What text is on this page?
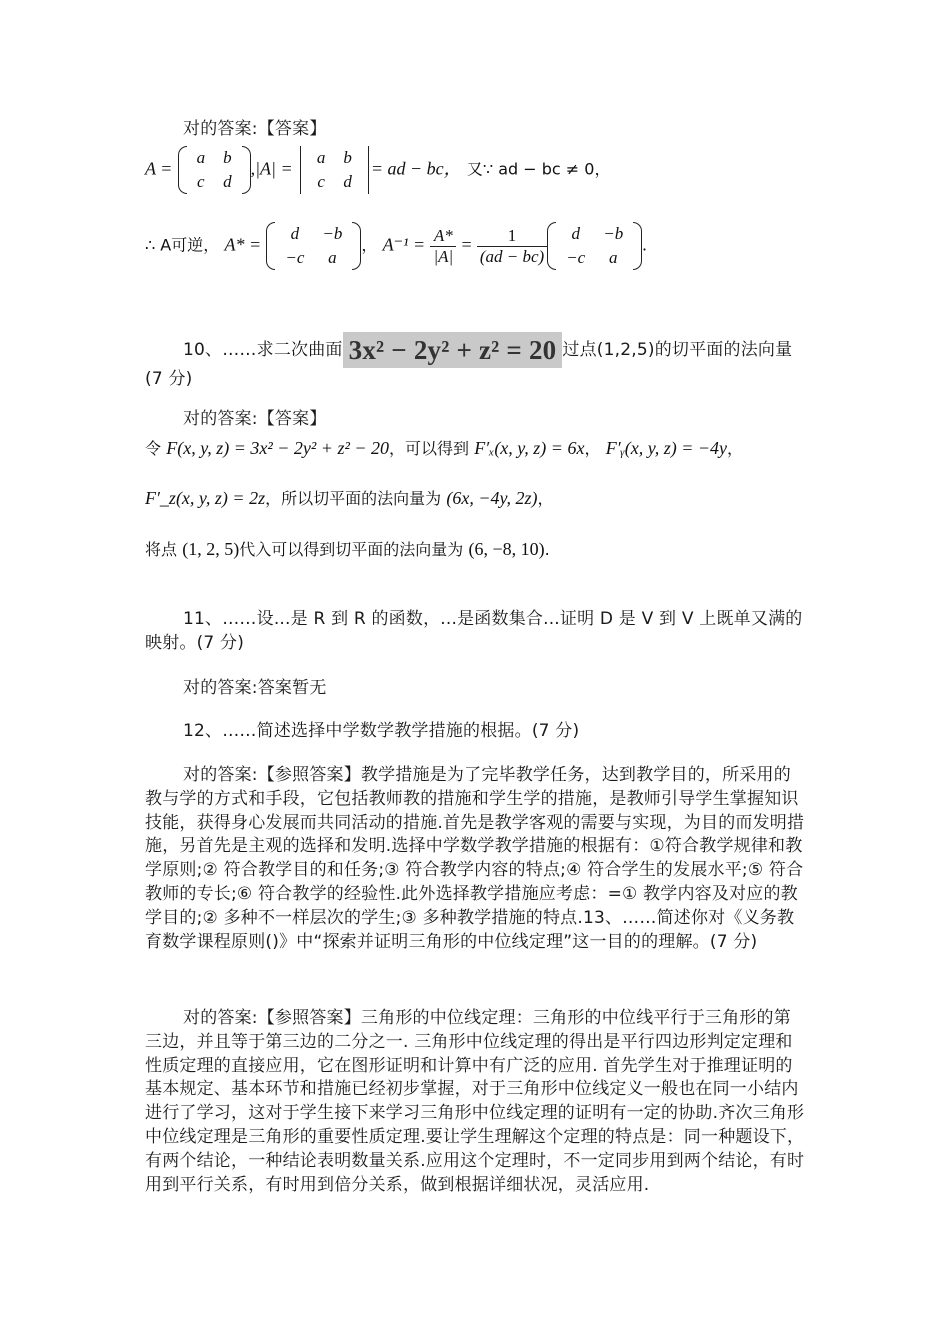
对的答案:【答案】

A =
a	b
c	d
,|A| =
a	b
c	d
= ad − bc， 又∵ ad − bc ≠ 0，
∴ A可逆， A* =
d	−b
−c	a
， $A^{-1} = \frac{A*}{|A|} = \frac{1}{(ad - bc)}$ d	−b
−c	a
.

10、……求二次曲面 3x² − 2y² + z² = 20 过点(1,2,5)的切平面的法向量 (7 分)

对的答案:【答案】

令 F(x, y, z) = 3x² − 2y² + z² − 20，可以得到 F′ₓ(x, y, z) = 6x， F′ᵧ(x, y, z) = −4y，
F′_z(x, y, z) = 2z，所以切平面的法向量为 (6x, −4y, 2z)，
将点 (1, 2, 5)代入可以得到切平面的法向量为 (6, −8, 10).

11、……设...是 R 到 R 的函数，...是函数集合...证明 D 是 V 到 V 上既单又满的映射。(7 分)

对的答案:答案暂无

12、……简述选择中学数学教学措施的根据。(7 分)

对的答案:【参照答案】教学措施是为了完毕教学任务，达到教学目的，所采用的教与学的方式和手段，它包括教师教的措施和学生学的措施，是教师引导学生掌握知识技能，获得身心发展而共同活动的措施.首先是教学客观的需要与实现，为目的而发明措施，另首先是主观的选择和发明.选择中学数学教学措施的根据有：①符合教学规律和教学原则;② 符合教学目的和任务;③ 符合教学内容的特点;④ 符合学生的发展水平;⑤ 符合教师的专长;⑥ 符合教学的经验性.此外选择教学措施应考虑：=① 教学内容及对应的教学目的;② 多种不一样层次的学生;③ 多种教学措施的特点.13、……简述你对《义务教育数学课程原则()》中“探索并证明三角形的中位线定理”这一目的的理解。(7 分)

对的答案:【参照答案】三角形的中位线定理：三角形的中位线平行于三角形的第三边，并且等于第三边的二分之一. 三角形中位线定理的得出是平行四边形判定定理和性质定理的直接应用，它在图形证明和计算中有广泛的应用. 首先学生对于推理证明的基本规定、基本环节和措施已经初步掌握，对于三角形中位线定义一般也在同一小结内进行了学习，这对于学生接下来学习三角形中位线定理的证明有一定的协助.齐次三角形中位线定理是三角形的重要性质定理.要让学生理解这个定理的特点是：同一种题设下，有两个结论，一种结论表明数量关系.应用这个定理时，不一定同步用到两个结论，有时用到平行关系，有时用到倍分关系，做到根据详细状况，灵活应用.
